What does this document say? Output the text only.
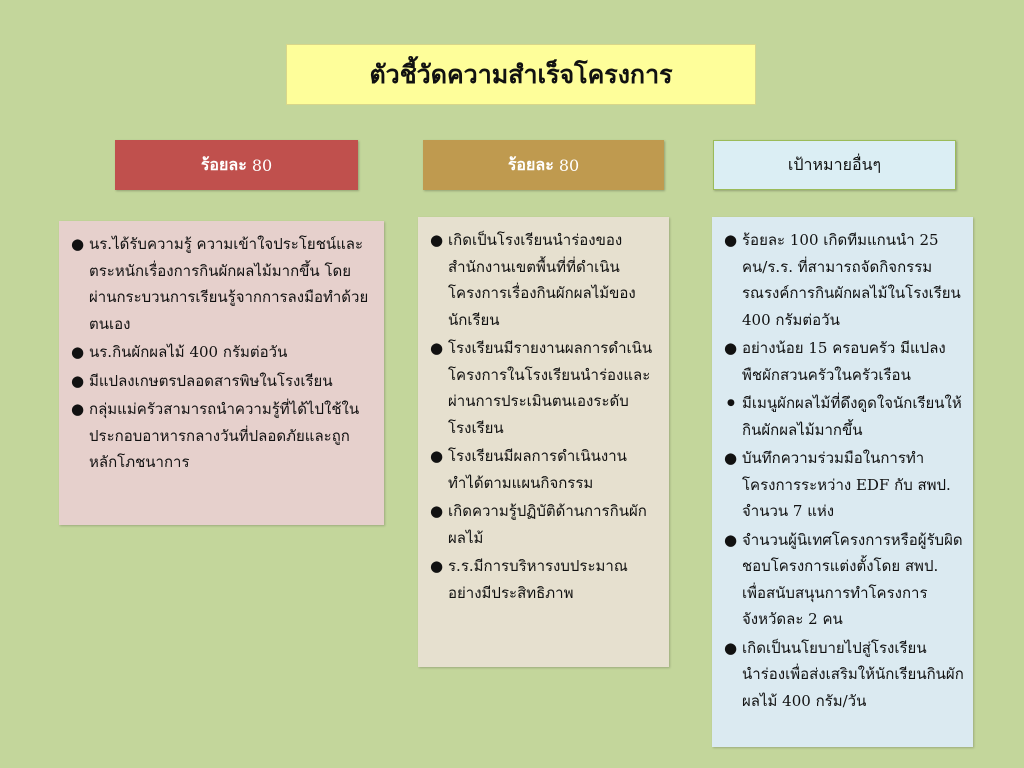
ตัวชี้วัดความสำเร็จโครงการ
ร้อยละ 80	ร้อยละ 80	เป้าหมายอื่นๆ
● นร.ได้รับความรู้ ความเข้าใจประโยชน์และตระหนักเรื่องการกินผักผลไม้มากขึ้น โดยผ่านกระบวนการเรียนรู้จากการลงมือทำด้วยตนเอง
● นร.กินผักผลไม้ 400 กรัมต่อวัน
● มีแปลงเกษตรปลอดสารพิษในโรงเรียน
● กลุ่มแม่ครัวสามารถนำความรู้ที่ได้ไปใช้ในประกอบอาหารกลางวันที่ปลอดภัยและถูกหลักโภชนาการ
● เกิดเป็นโรงเรียนนำร่องของสำนักงานเขตพื้นที่ที่ดำเนินโครงการเรื่องกินผักผลไม้ของนักเรียน
● โรงเรียนมีรายงานผลการดำเนินโครงการในโรงเรียนนำร่องและผ่านการประเมินตนเองระดับโรงเรียน
● โรงเรียนมีผลการดำเนินงานทำได้ตามแผนกิจกรรม
● เกิดความรู้ปฏิบัติด้านการกินผักผลไม้
● ร.ร.มีการบริหารงบประมาณอย่างมีประสิทธิภาพ
● ร้อยละ 100 เกิดทีมแกนนำ 25 คน/ร.ร. ที่สามารถจัดกิจกรรมรณรงค์การกินผักผลไม้ในโรงเรียน 400 กรัมต่อวัน
● อย่างน้อย 15 ครอบครัว มีแปลงพืชผักสวนครัวในครัวเรือน
● มีเมนูผักผลไม้ที่ดึงดูดใจนักเรียนให้กินผักผลไม้มากขึ้น
● บันทึกความร่วมมือในการทำโครงการระหว่าง EDF กับ สพป. จำนวน 7 แห่ง
● จำนวนผู้นิเทศโครงการหรือผู้รับผิดชอบโครงการแต่งตั้งโดย สพป. เพื่อสนับสนุนการทำโครงการ จังหวัดละ 2 คน
● เกิดเป็นนโยบายไปสู่โรงเรียนนำร่องเพื่อส่งเสริมให้นักเรียนกินผักผลไม้ 400 กรัม/วัน
